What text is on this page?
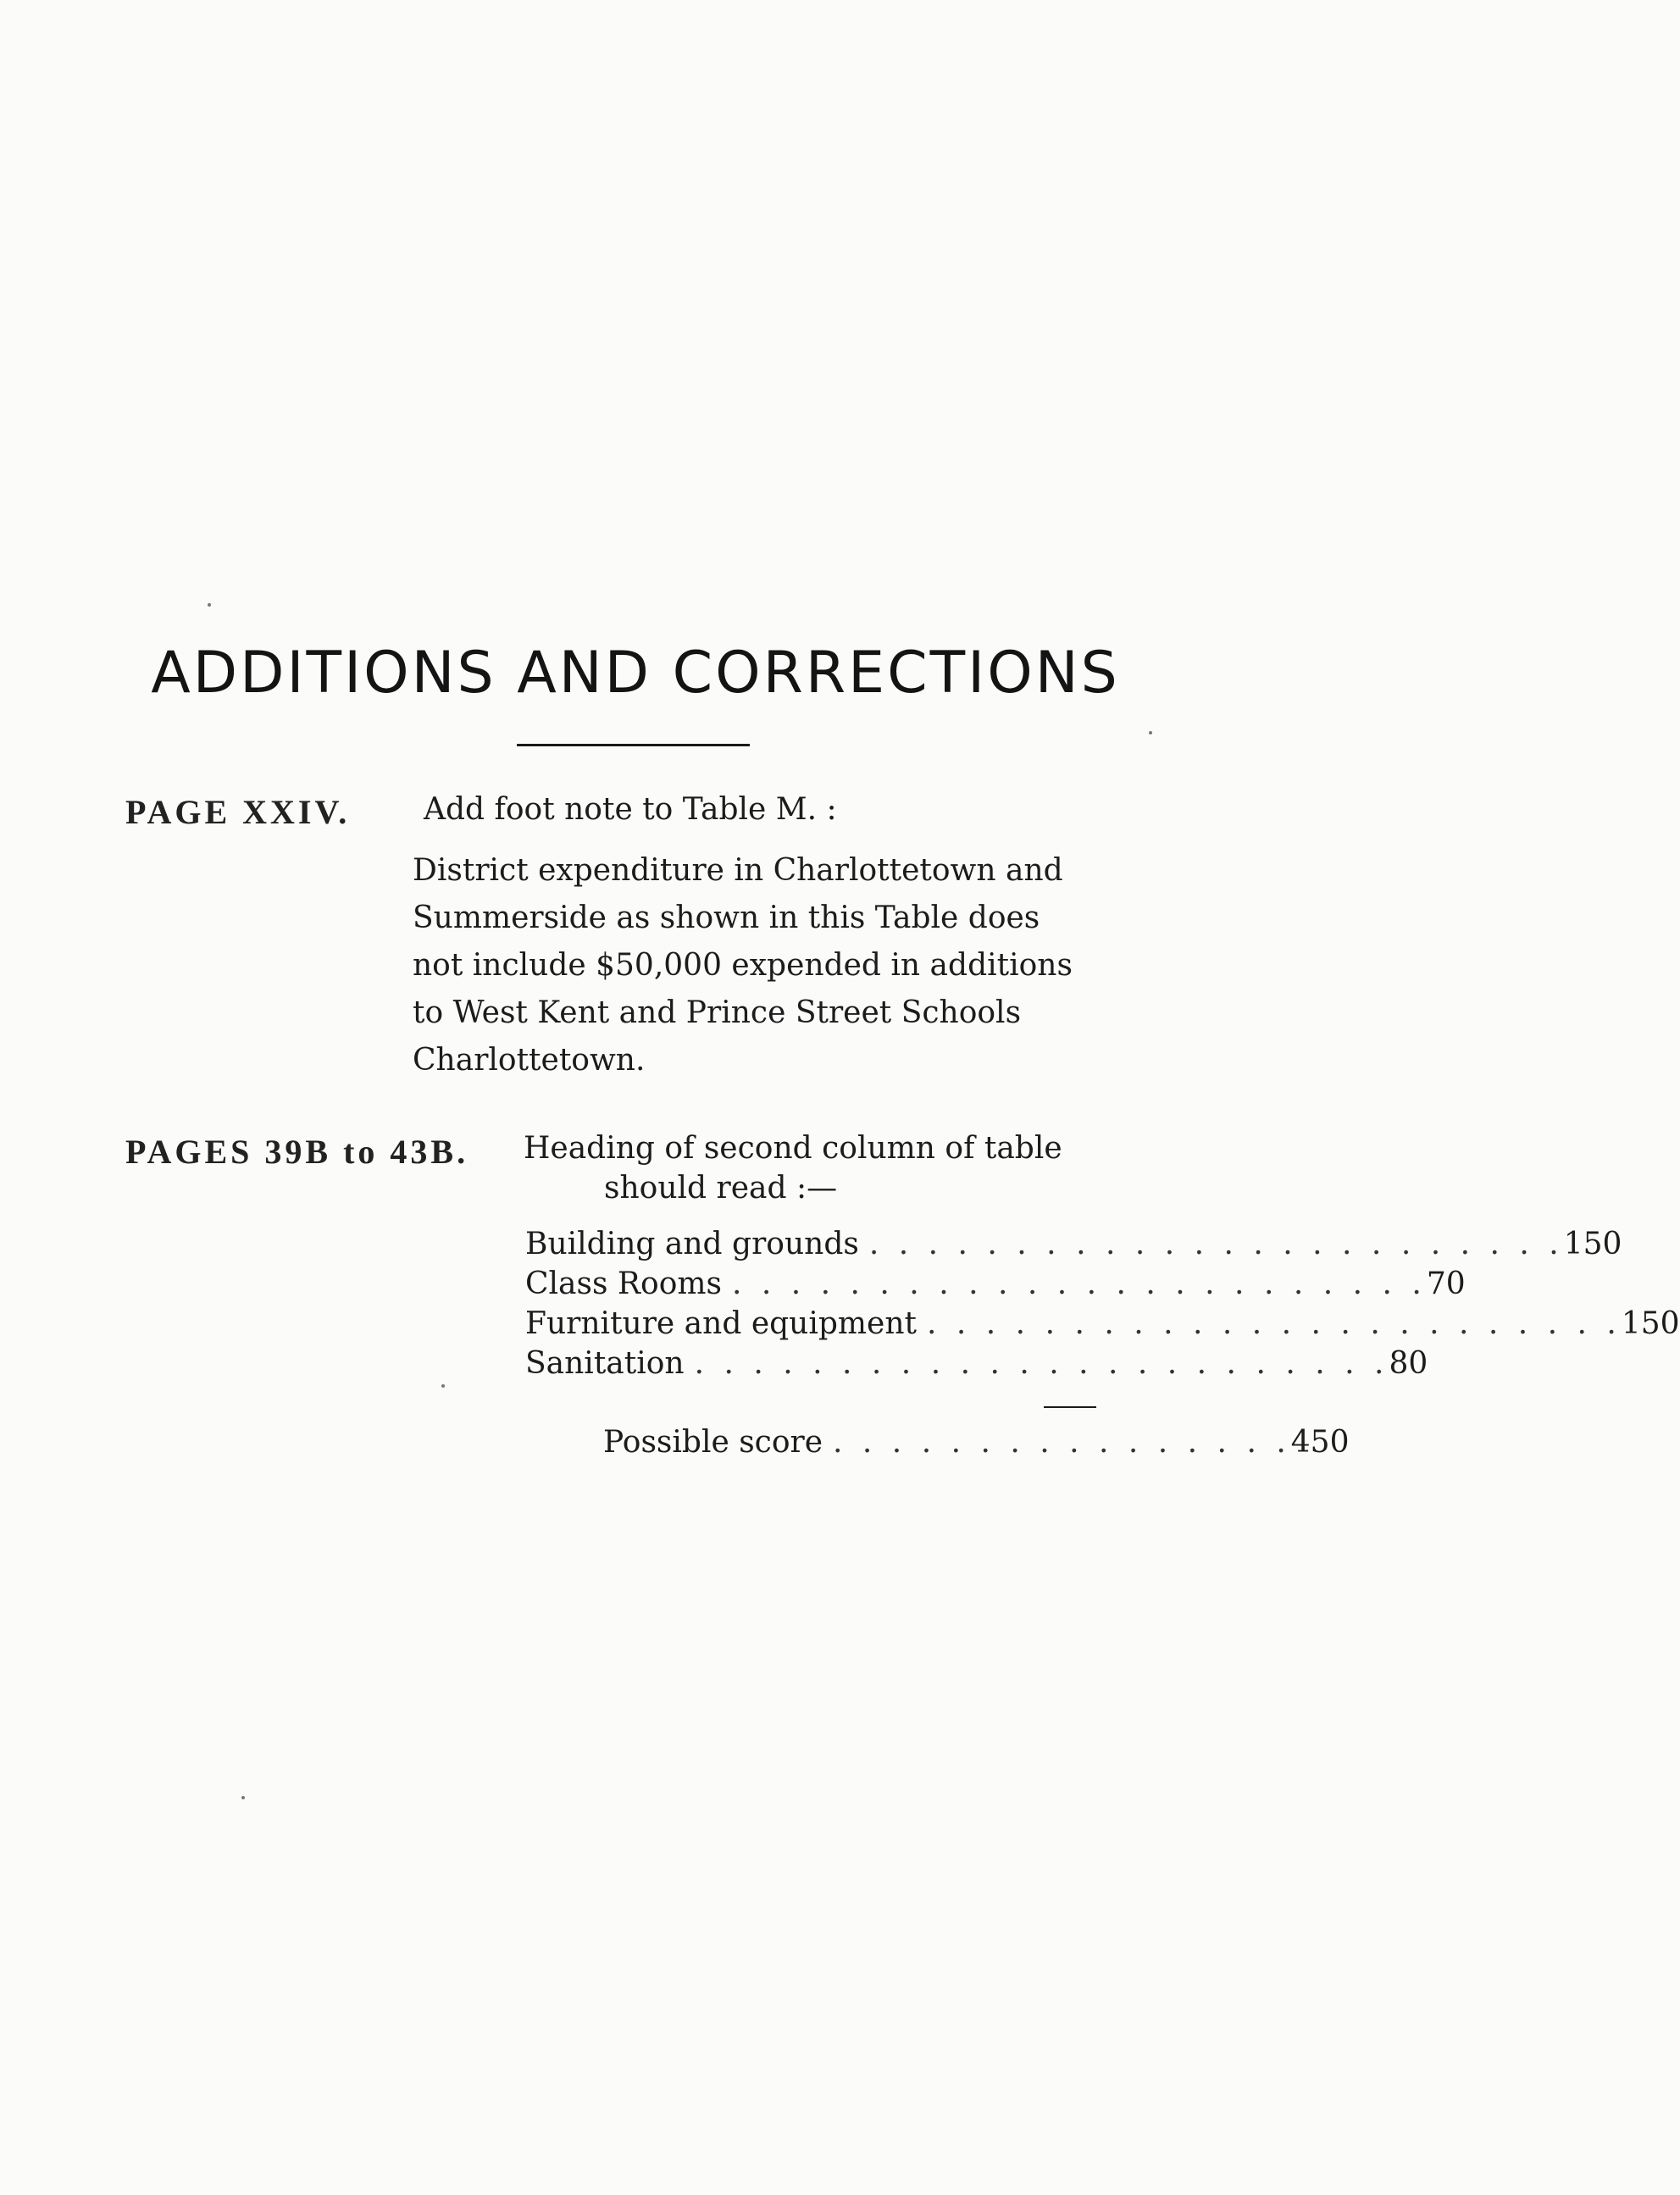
ADDITIONS AND CORRECTIONS
PAGE XXIV. Add foot note to Table M. :
District expenditure in Charlottetown and
Summerside as shown in this Table does
not include $50,000 expended in additions
to West Kent and Prince Street Schools
Charlottetown.
PAGES 39B to 43B. Heading of second column of table
should read :—
Building and grounds . . . . . . . . . . . . . . . . . . . . . . . . 150
Class Rooms . . . . . . . . . . . . . . . . . . . . . . . . 70
Furniture and equipment . . . . . . . . . . . . . . . . . . . . . . . . 150
Sanitation . . . . . . . . . . . . . . . . . . . . . . . . 80
Possible score . . . . . . . . . . . . . . . . 450
